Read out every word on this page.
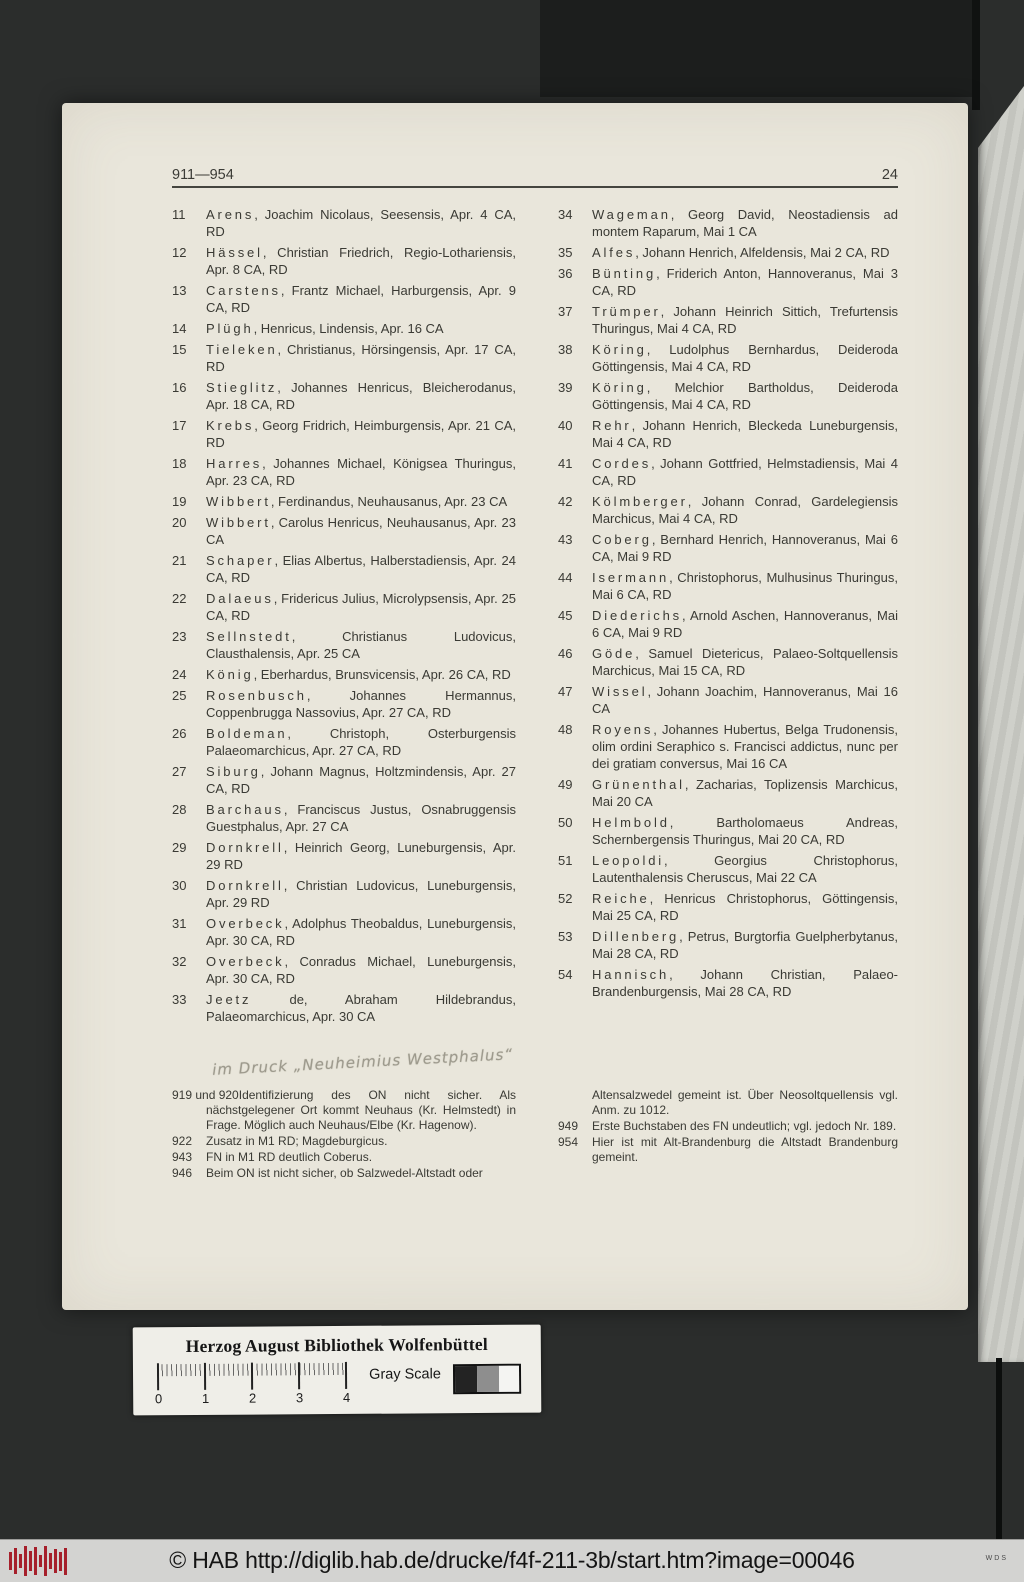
911—954	24
11	Arens, Joachim Nicolaus, Seesensis, Apr. 4 CA, RD
12	Hässel, Christian Friedrich, Regio-Lothariensis, Apr. 8 CA, RD
13	Carstens, Frantz Michael, Harburgensis, Apr. 9 CA, RD
14	Plügh, Henricus, Lindensis, Apr. 16 CA
15	Tieleken, Christianus, Hörsingensis, Apr. 17 CA, RD
16	Stieglitz, Johannes Henricus, Bleicherodanus, Apr. 18 CA, RD
17	Krebs, Georg Fridrich, Heimburgensis, Apr. 21 CA, RD
18	Harres, Johannes Michael, Königsea Thuringus, Apr. 23 CA, RD
19	Wibbert, Ferdinandus, Neuhausanus, Apr. 23 CA
20	Wibbert, Carolus Henricus, Neuhausanus, Apr. 23 CA
21	Schaper, Elias Albertus, Halberstadiensis, Apr. 24 CA, RD
22	Dalaeus, Fridericus Julius, Microlypsensis, Apr. 25 CA, RD
23	Sellnstedt, Christianus Ludovicus, Clausthalensis, Apr. 25 CA
24	König, Eberhardus, Brunsvicensis, Apr. 26 CA, RD
25	Rosenbusch, Johannes Hermannus, Coppenbrugga Nassovius, Apr. 27 CA, RD
26	Boldeman, Christoph, Osterburgensis Palaeomarchicus, Apr. 27 CA, RD
27	Siburg, Johann Magnus, Holtzmindensis, Apr. 27 CA, RD
28	Barchaus, Franciscus Justus, Osnabruggensis Guestphalus, Apr. 27 CA
29	Dornkrell, Heinrich Georg, Luneburgensis, Apr. 29 RD
30	Dornkrell, Christian Ludovicus, Luneburgensis, Apr. 29 RD
31	Overbeck, Adolphus Theobaldus, Luneburgensis, Apr. 30 CA, RD
32	Overbeck, Conradus Michael, Luneburgensis, Apr. 30 CA, RD
33	Jeetz de, Abraham Hildebrandus, Palaeomarchicus, Apr. 30 CA
34	Wageman, Georg David, Neostadiensis ad montem Raparum, Mai 1 CA
35	Alfes, Johann Henrich, Alfeldensis, Mai 2 CA, RD
36	Bünting, Friderich Anton, Hannoveranus, Mai 3 CA, RD
37	Trümper, Johann Heinrich Sittich, Trefurtensis Thuringus, Mai 4 CA, RD
38	Köring, Ludolphus Bernhardus, Deideroda Göttingensis, Mai 4 CA, RD
39	Köring, Melchior Bartholdus, Deideroda Göttingensis, Mai 4 CA, RD
40	Rehr, Johann Henrich, Bleckeda Luneburgensis, Mai 4 CA, RD
41	Cordes, Johann Gottfried, Helmstadiensis, Mai 4 CA, RD
42	Kölmberger, Johann Conrad, Gardelegiensis Marchicus, Mai 4 CA, RD
43	Coberg, Bernhard Henrich, Hannoveranus, Mai 6 CA, Mai 9 RD
44	Isermann, Christophorus, Mulhusinus Thuringus, Mai 6 CA, RD
45	Diederichs, Arnold Aschen, Hannoveranus, Mai 6 CA, Mai 9 RD
46	Göde, Samuel Dietericus, Palaeo-Soltquellensis Marchicus, Mai 15 CA, RD
47	Wissel, Johann Joachim, Hannoveranus, Mai 16 CA
48	Royens, Johannes Hubertus, Belga Trudonensis, olim ordini Seraphico s. Francisci addictus, nunc per dei gratiam conversus, Mai 16 CA
49	Grünenthal, Zacharias, Toplizensis Marchicus, Mai 20 CA
50	Helmbold, Bartholomaeus Andreas, Schernbergensis Thuringus, Mai 20 CA, RD
51	Leopoldi, Georgius Christophorus, Lautenthalensis Cheruscus, Mai 22 CA
52	Reiche, Henricus Christophorus, Göttingensis, Mai 25 CA, RD
53	Dillenberg, Petrus, Burgtorfia Guelpherbytanus, Mai 28 CA, RD
54	Hannisch, Johann Christian, Palaeo-Brandenburgensis, Mai 28 CA, RD
im Druck „Neuheimius Westphalus“
919 und 920Identifizierung des ON nicht sicher. Als nächstgelegener Ort kommt Neuhaus (Kr. Helmstedt) in Frage. Möglich auch Neuhaus/Elbe (Kr. Hagenow).
922 Zusatz in M1 RD; Magdeburgicus.
943 FN in M1 RD deutlich Coberus.
946 Beim ON ist nicht sicher, ob Salzwedel-Altstadt oder
Altensalzwedel gemeint ist. Über Neosoltquellensis vgl. Anm. zu 1012.
949 Erste Buchstaben des FN undeutlich; vgl. jedoch Nr. 189.
954 Hier ist mit Alt-Brandenburg die Altstadt Brandenburg gemeint.
Herzog August Bibliothek Wolfenbüttel
0	1	2	3	4
Gray Scale
© HAB http://diglib.hab.de/drucke/f4f-211-3b/start.htm?image=00046	WDS
